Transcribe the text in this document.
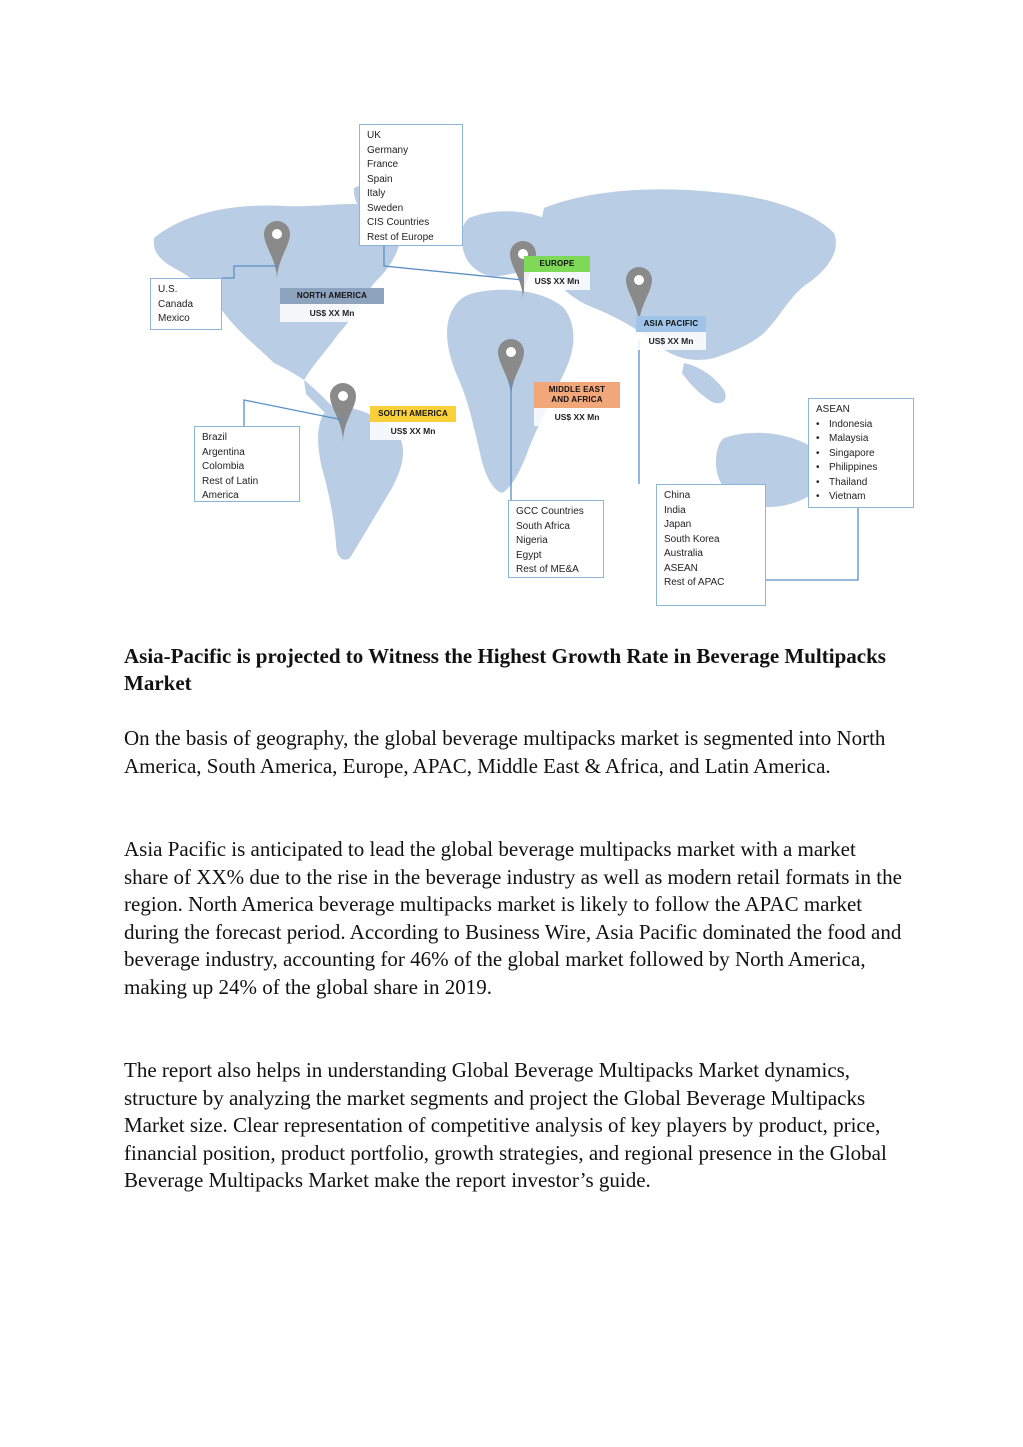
UK
Germany
France
Spain
Italy
Sweden
CIS Countries
Rest of Europe
U.S.
Canada
Mexico
Brazil
Argentina
Colombia
Rest of Latin
America
GCC Countries
South Africa
Nigeria
Egypt
Rest of ME&A
China
India
Japan
South Korea
Australia
ASEAN
Rest of APAC
ASEAN
• Indonesia
• Malaysia
• Singapore
• Philippines
• Thailand
• Vietnam
NORTH AMERICA
US$ XX Mn
EUROPE
US$ XX Mn
ASIA PACIFIC
US$ XX Mn
MIDDLE EAST
AND AFRICA
US$ XX Mn
SOUTH AMERICA
US$ XX Mn
Asia-Pacific is projected to Witness the Highest Growth Rate in Beverage Multipacks Market

On the basis of geography, the global beverage multipacks market is segmented into North America, South America, Europe, APAC, Middle East & Africa, and Latin America.

Asia Pacific is anticipated to lead the global beverage multipacks market with a market share of XX% due to the rise in the beverage industry as well as modern retail formats in the region. North America beverage multipacks market is likely to follow the APAC market during the forecast period. According to Business Wire, Asia Pacific dominated the food and beverage industry, accounting for 46% of the global market followed by North America, making up 24% of the global share in 2019.

The report also helps in understanding Global Beverage Multipacks Market dynamics, structure by analyzing the market segments and project the Global Beverage Multipacks Market size. Clear representation of competitive analysis of key players by product, price, financial position, product portfolio, growth strategies, and regional presence in the Global Beverage Multipacks Market make the report investor’s guide.
